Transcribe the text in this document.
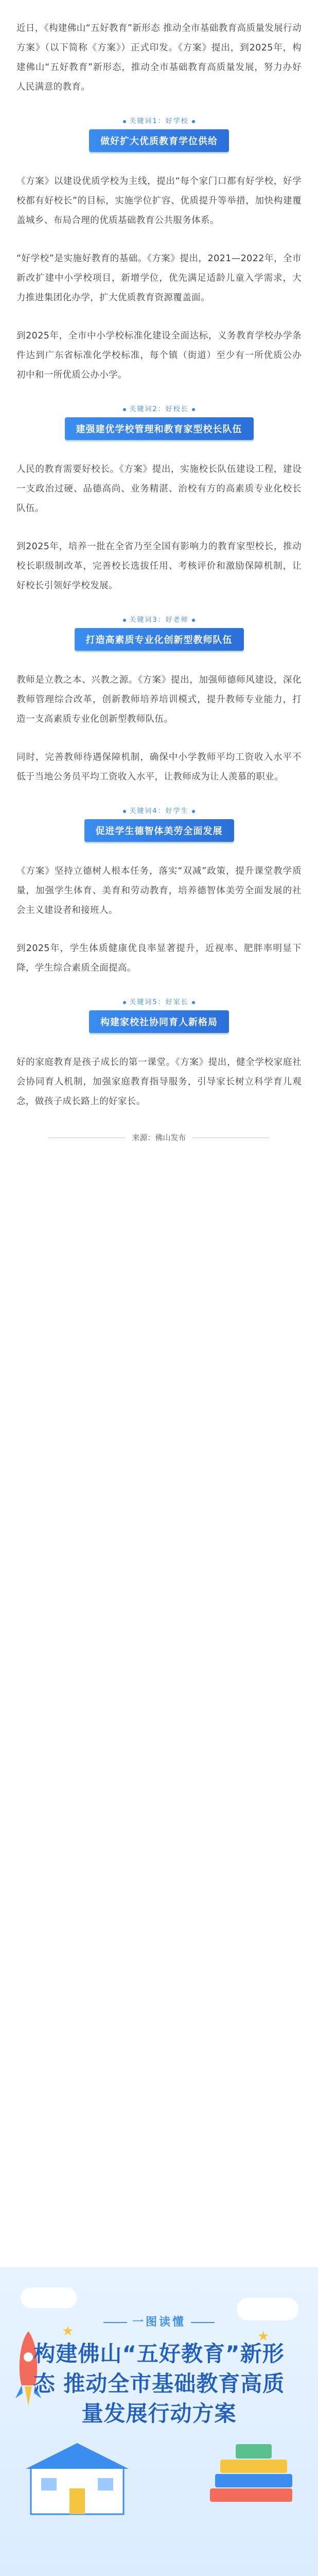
近日，《构建佛山“五好教育”新形态 推动全市基础教育高质量发展行动方案》（以下简称《方案》）正式印发。《方案》提出，到2025年，构建佛山“五好教育”新形态，推动全市基础教育高质量发展，努力办好人民满意的教育。

关键词1：好学校
做好扩大优质教育学位供给

《方案》以建设优质学校为主线，提出“每个家门口都有好学校，好学校都有好校长”的目标，实施学位扩容、优质提升等举措，加快构建覆盖城乡、布局合理的优质基础教育公共服务体系。

“好学校”是实施好教育的基础。《方案》提出，2021—2022年，全市新改扩建中小学校项目，新增学位，优先满足适龄儿童入学需求，大力推进集团化办学，扩大优质教育资源覆盖面。

到2025年，全市中小学校标准化建设全面达标，义务教育学校办学条件达到广东省标准化学校标准，每个镇（街道）至少有一所优质公办初中和一所优质公办小学。

关键词2：好校长
建强建优学校管理和教育家型校长队伍

人民的教育需要好校长。《方案》提出，实施校长队伍建设工程，建设一支政治过硬、品德高尚、业务精湛、治校有方的高素质专业化校长队伍。

到2025年，培养一批在全省乃至全国有影响力的教育家型校长，推动校长职级制改革，完善校长选拔任用、考核评价和激励保障机制，让好校长引领好学校发展。

关键词3：好老师
打造高素质专业化创新型教师队伍

教师是立教之本、兴教之源。《方案》提出，加强师德师风建设，深化教师管理综合改革，创新教师培养培训模式，提升教师专业能力，打造一支高素质专业化创新型教师队伍。

同时，完善教师待遇保障机制，确保中小学教师平均工资收入水平不低于当地公务员平均工资收入水平，让教师成为让人羡慕的职业。

关键词4：好学生
促进学生德智体美劳全面发展

《方案》坚持立德树人根本任务，落实“双减”政策，提升课堂教学质量，加强学生体育、美育和劳动教育，培养德智体美劳全面发展的社会主义建设者和接班人。

到2025年，学生体质健康优良率显著提升，近视率、肥胖率明显下降，学生综合素质全面提高。

关键词5：好家长
构建家校社协同育人新格局

好的家庭教育是孩子成长的第一课堂。《方案》提出，健全学校家庭社会协同育人机制，加强家庭教育指导服务，引导家长树立科学育儿观念，做孩子成长路上的好家长。

来源：佛山发布
★	★
一图读懂
构建佛山“五好教育”新形态 推动全市基础教育高质量发展行动方案
